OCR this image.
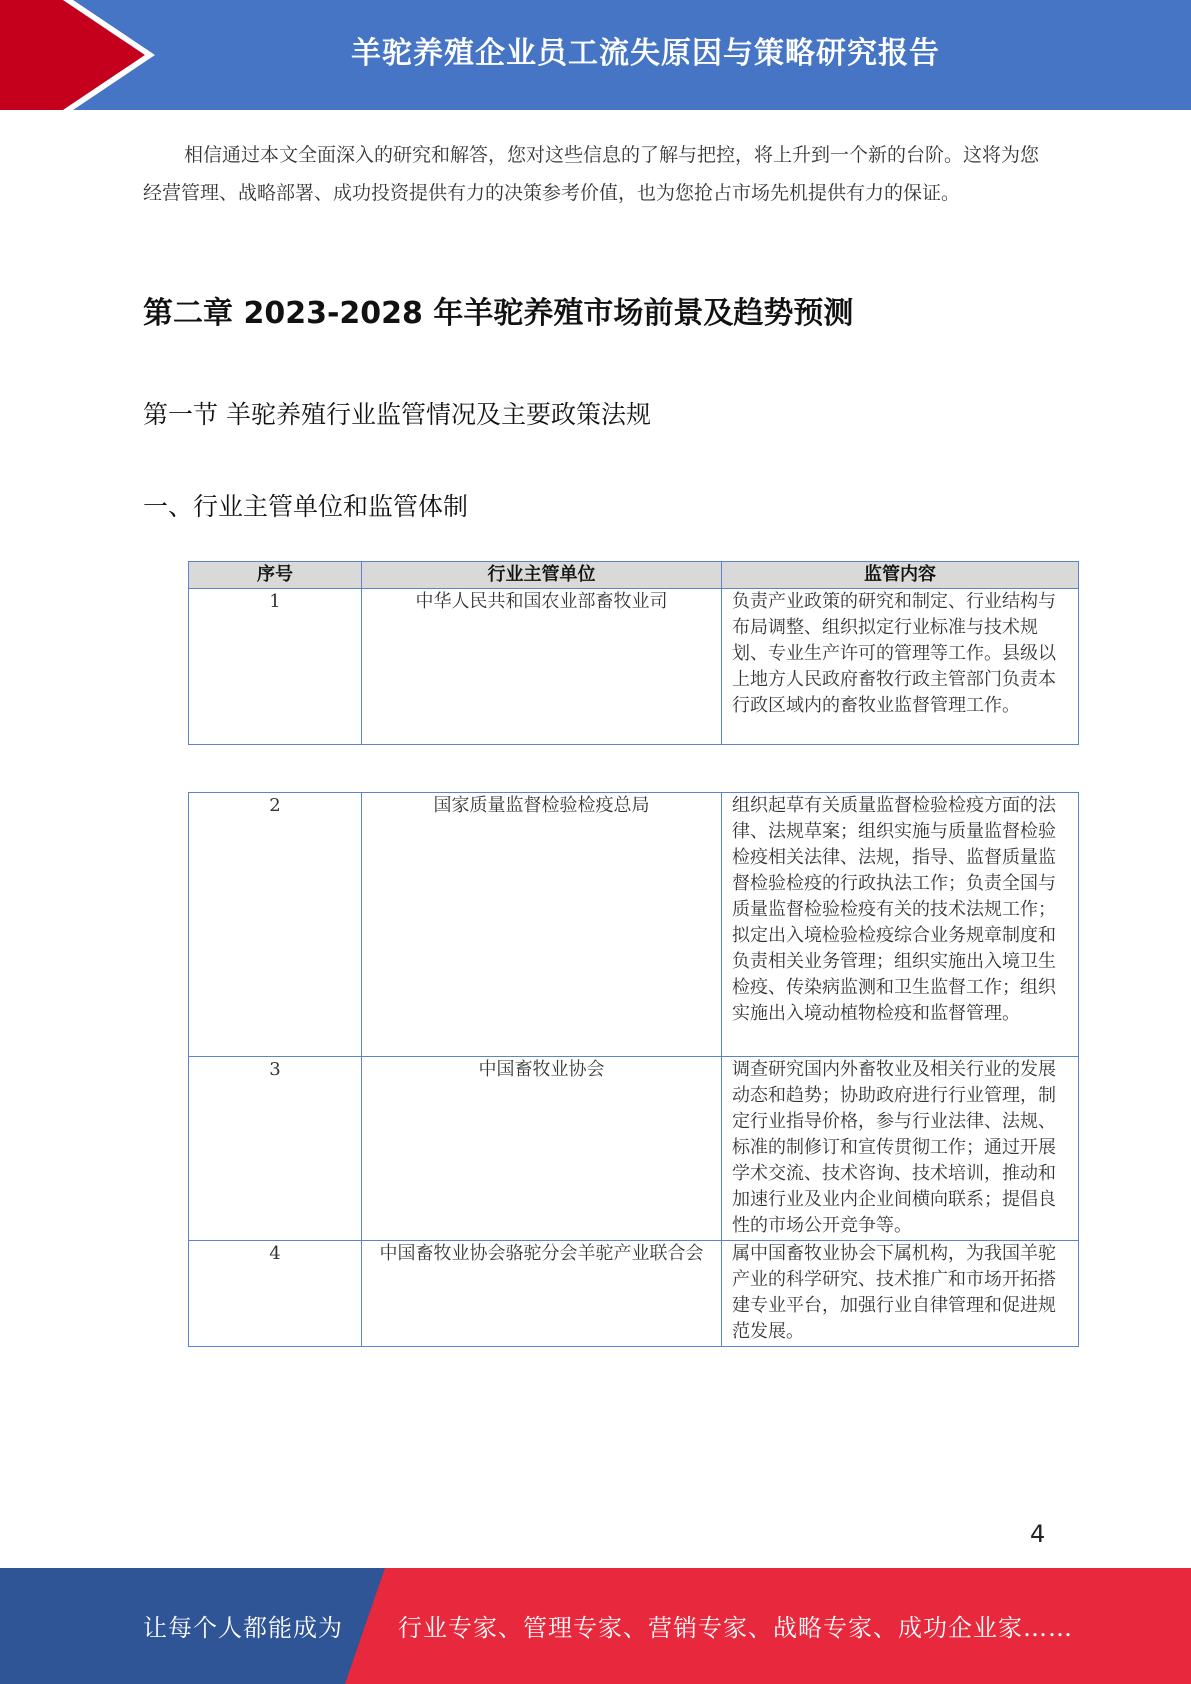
羊驼养殖企业员工流失原因与策略研究报告

相信通过本文全面深入的研究和解答，您对这些信息的了解与把控，将上升到一个新的台阶。这将为您经营管理、战略部署、成功投资提供有力的决策参考价值，也为您抢占市场先机提供有力的保证。

第二章 2023-2028 年羊驼养殖市场前景及趋势预测
第一节 羊驼养殖行业监管情况及主要政策法规
一、行业主管单位和监管体制
序号	行业主管单位	监管内容
1	中华人民共和国农业部畜牧业司	负责产业政策的研究和制定、行业结构与布局调整、组织拟定行业标准与技术规划、专业生产许可的管理等工作。县级以上地方人民政府畜牧行政主管部门负责本行政区域内的畜牧业监督管理工作。
2	国家质量监督检验检疫总局	组织起草有关质量监督检验检疫方面的法律、法规草案；组织实施与质量监督检验检疫相关法律、法规，指导、监督质量监督检验检疫的行政执法工作；负责全国与质量监督检验检疫有关的技术法规工作；拟定出入境检验检疫综合业务规章制度和负责相关业务管理；组织实施出入境卫生检疫、传染病监测和卫生监督工作；组织实施出入境动植物检疫和监督管理。
3	中国畜牧业协会	调查研究国内外畜牧业及相关行业的发展动态和趋势；协助政府进行行业管理，制定行业指导价格，参与行业法律、法规、标准的制修订和宣传贯彻工作；通过开展学术交流、技术咨询、技术培训，推动和加速行业及业内企业间横向联系；提倡良性的市场公开竞争等。
4	中国畜牧业协会骆驼分会羊驼产业联合会	属中国畜牧业协会下属机构，为我国羊驼产业的科学研究、技术推广和市场开拓搭建专业平台，加强行业自律管理和促进规范发展。
4
让每个人都能成为 行业专家、管理专家、营销专家、战略专家、成功企业家……
